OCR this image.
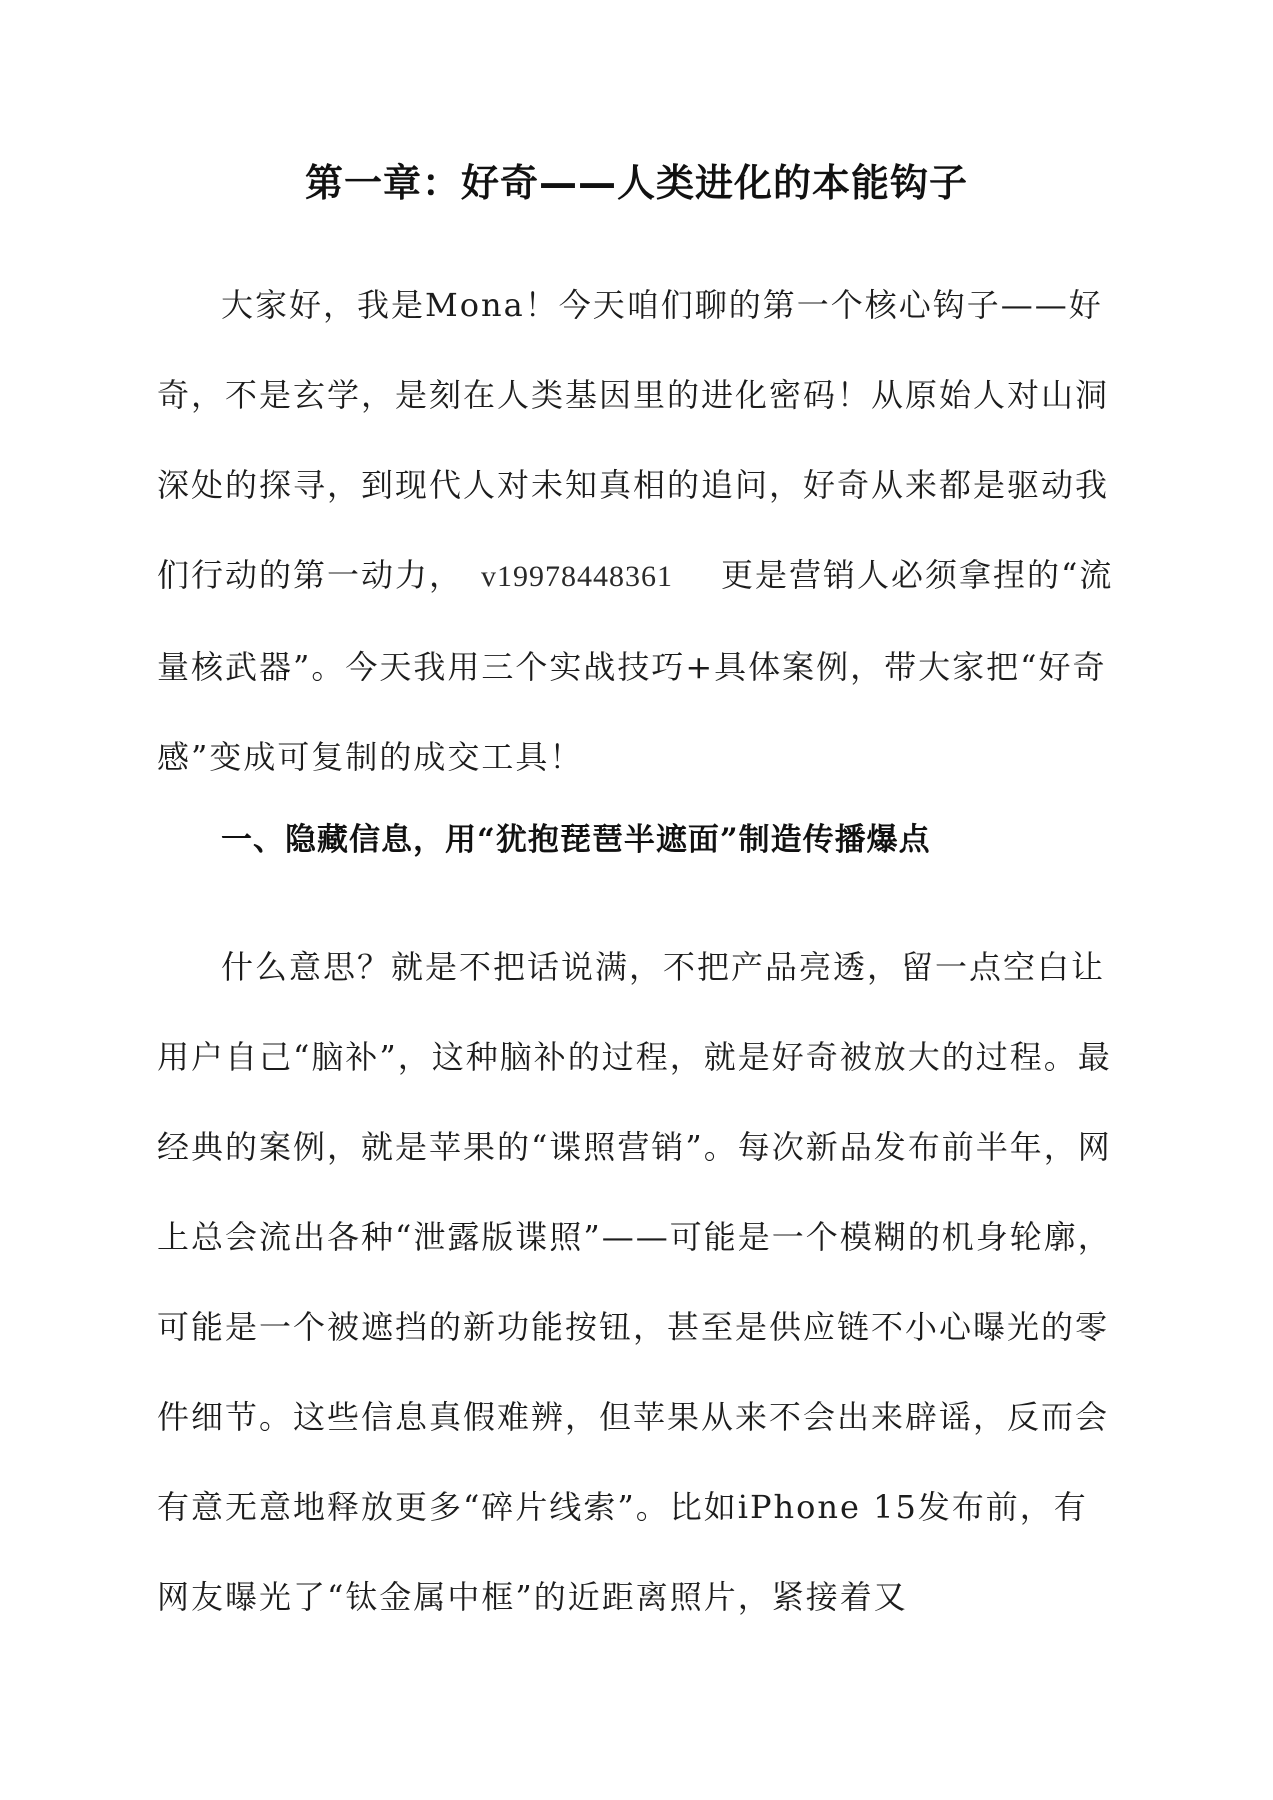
第一章：好奇——人类进化的本能钩子

大家好，我是Mona！今天咱们聊的第一个核心钩子——好奇，不是玄学，是刻在人类基因里的进化密码！从原始人对山洞深处的探寻，到现代人对未知真相的追问，好奇从来都是驱动我们行动的第一动力， v19978448361 更是营销人必须拿捏的“流量核武器”。今天我用三个实战技巧+具体案例，带大家把“好奇感”变成可复制的成交工具！

一、隐藏信息，用“犹抱琵琶半遮面”制造传播爆点

什么意思？就是不把话说满，不把产品亮透，留一点空白让用户自己“脑补”，这种脑补的过程，就是好奇被放大的过程。最经典的案例，就是苹果的“谍照营销”。每次新品发布前半年，网上总会流出各种“泄露版谍照”——可能是一个模糊的机身轮廓，可能是一个被遮挡的新功能按钮，甚至是供应链不小心曝光的零件细节。这些信息真假难辨，但苹果从来不会出来辟谣，反而会有意无意地释放更多“碎片线索”。比如iPhone 15发布前，有网友曝光了“钛金属中框”的近距离照片，紧接着又
